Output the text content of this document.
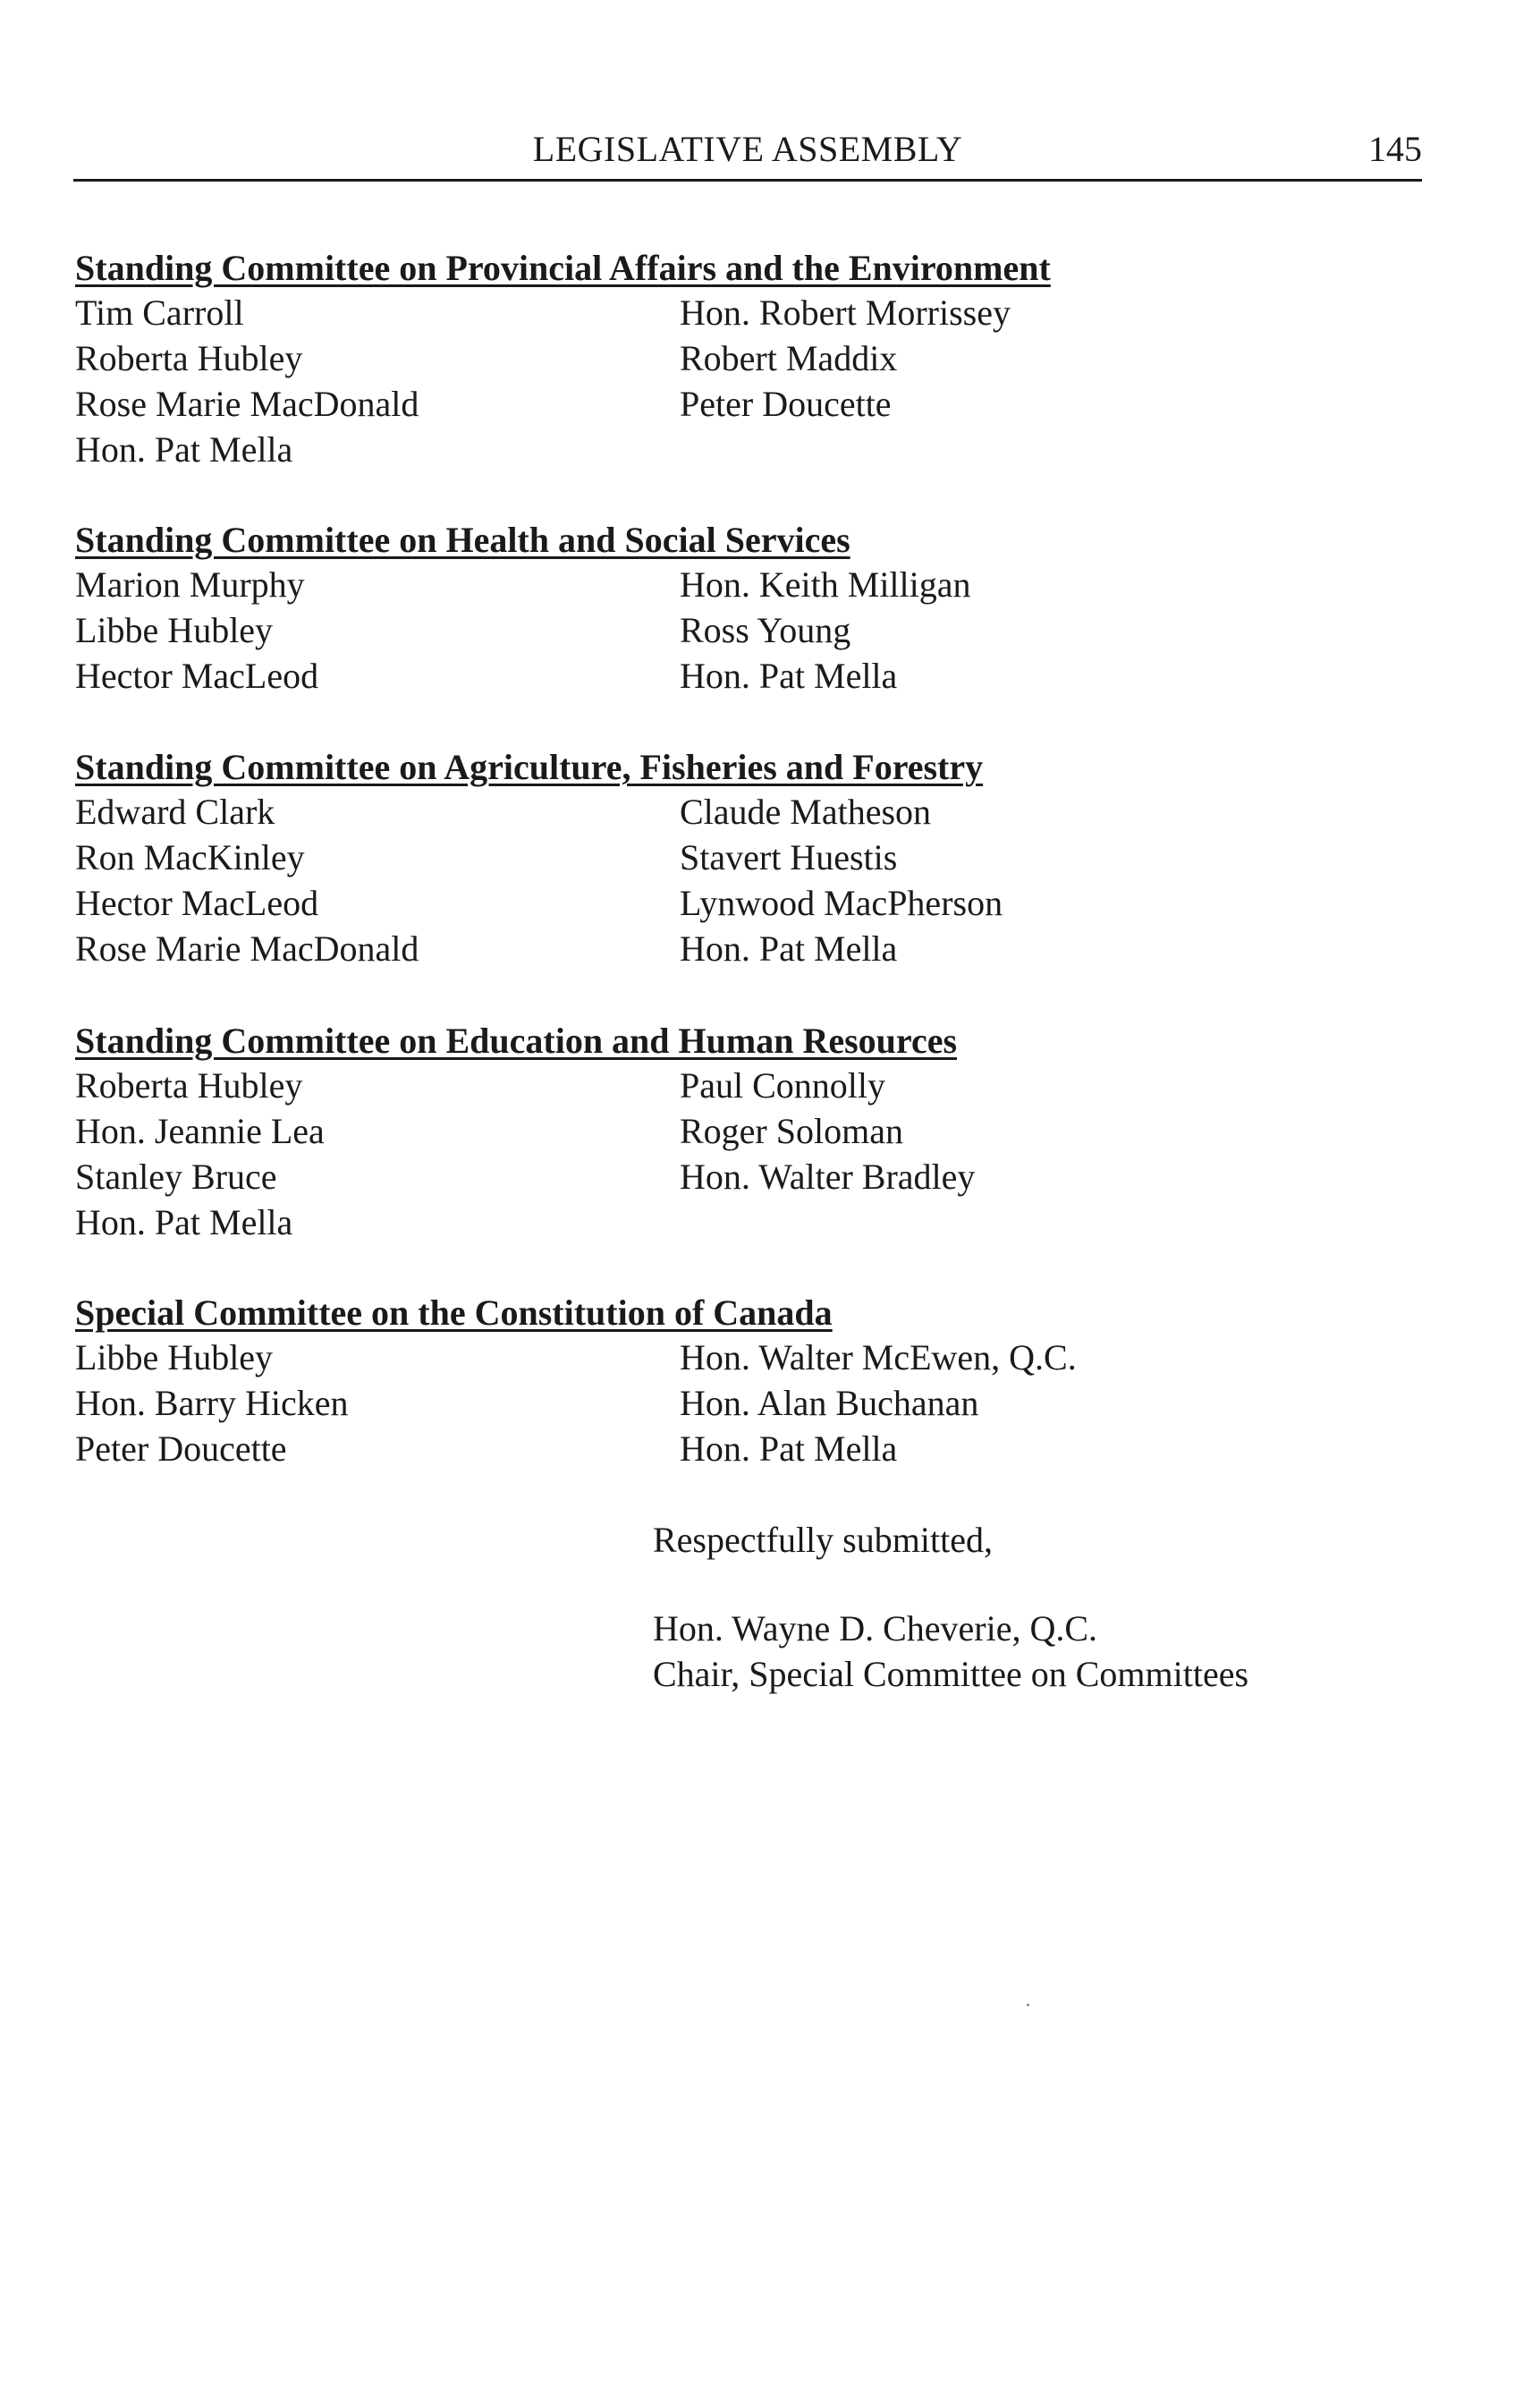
LEGISLATIVE ASSEMBLY	145
Standing Committee on Provincial Affairs and the Environment
Tim Carroll	Hon. Robert Morrissey
Roberta Hubley	Robert Maddix
Rose Marie MacDonald	Peter Doucette
Hon. Pat Mella
Standing Committee on Health and Social Services
Marion Murphy	Hon. Keith Milligan
Libbe Hubley	Ross Young
Hector MacLeod	Hon. Pat Mella
Standing Committee on Agriculture, Fisheries and Forestry
Edward Clark	Claude Matheson
Ron MacKinley	Stavert Huestis
Hector MacLeod	Lynwood MacPherson
Rose Marie MacDonald	Hon. Pat Mella
Standing Committee on Education and Human Resources
Roberta Hubley	Paul Connolly
Hon. Jeannie Lea	Roger Soloman
Stanley Bruce	Hon. Walter Bradley
Hon. Pat Mella
Special Committee on the Constitution of Canada
Libbe Hubley	Hon. Walter McEwen, Q.C.
Hon. Barry Hicken	Hon. Alan Buchanan
Peter Doucette	Hon. Pat Mella
Respectfully submitted,
Hon. Wayne D. Cheverie, Q.C.
Chair, Special Committee on Committees
